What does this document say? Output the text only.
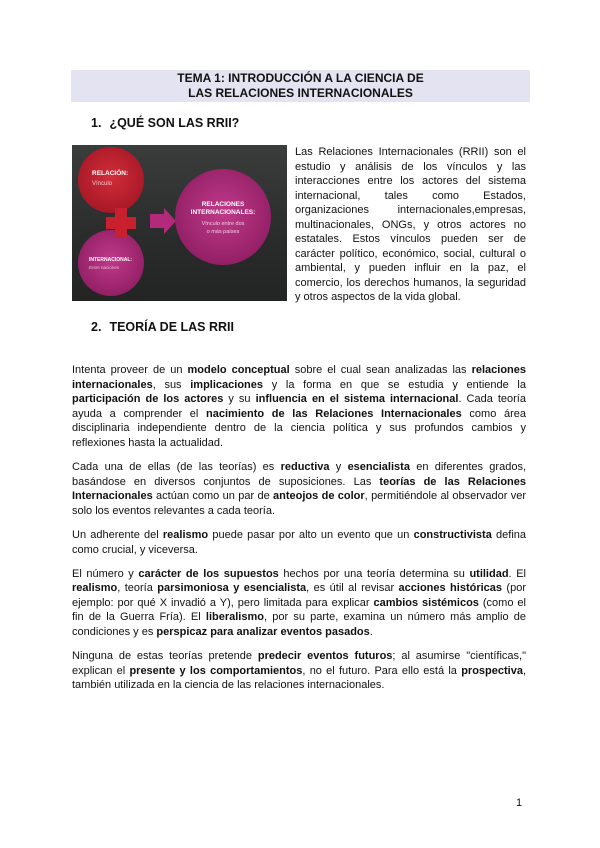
TEMA 1: INTRODUCCIÓN A LA CIENCIA DE
LAS RELACIONES INTERNACIONALES
1. ¿QUÉ SON LAS RRII?
RELACIÓN:
Vínculo
INTERNACIONAL:
Entre naciones
RELACIONES
INTERNACIONALES:
Vínculo entre dos
o más países
Las Relaciones Internacionales (RRII) son el estudio y análisis de los vínculos y las interacciones entre los actores del sistema internacional, tales como Estados, organizaciones internacionales,empresas, multinacionales, ONGs, y otros actores no estatales. Estos vínculos pueden ser de carácter político, económico, social, cultural o ambiental, y pueden influir en la paz, el comercio, los derechos humanos, la seguridad y otros aspectos de la vida global.
2. TEORÍA DE LAS RRII

Intenta proveer de un modelo conceptual sobre el cual sean analizadas las relaciones internacionales, sus implicaciones y la forma en que se estudia y entiende la participación de los actores y su influencia en el sistema internacional. Cada teoría ayuda a comprender el nacimiento de las Relaciones Internacionales como área disciplinaria independiente dentro de la ciencia política y sus profundos cambios y reflexiones hasta la actualidad.

Cada una de ellas (de las teorías) es reductiva y esencialista en diferentes grados, basándose en diversos conjuntos de suposiciones. Las teorías de las Relaciones Internacionales actúan como un par de anteojos de color, permitiéndole al observador ver solo los eventos relevantes a cada teoría.

Un adherente del realismo puede pasar por alto un evento que un constructivista defina como crucial, y viceversa.

El número y carácter de los supuestos hechos por una teoría determina su utilidad. El realismo, teoría parsimoniosa y esencialista, es útil al revisar acciones históricas (por ejemplo: por qué X invadió a Y), pero limitada para explicar cambios sistémicos (como el fin de la Guerra Fría). El liberalismo, por su parte, examina un número más amplio de condiciones y es perspicaz para analizar eventos pasados.

Ninguna de estas teorías pretende predecir eventos futuros; al asumirse "científicas," explican el presente y los comportamientos, no el futuro. Para ello está la prospectiva, también utilizada en la ciencia de las relaciones internacionales.

1
